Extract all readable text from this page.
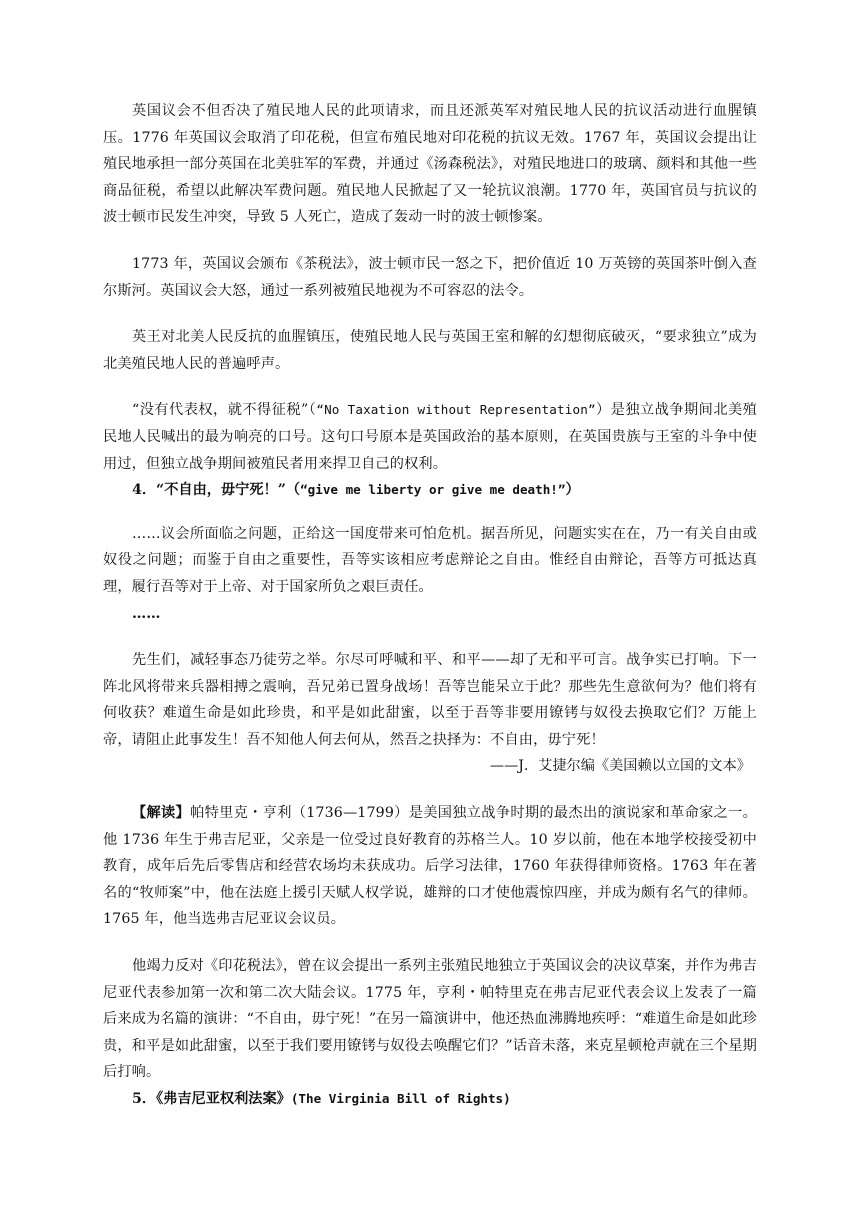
英国议会不但否决了殖民地人民的此项请求，而且还派英军对殖民地人民的抗议活动进行血腥镇压。1776 年英国议会取消了印花税，但宣布殖民地对印花税的抗议无效。1767 年，英国议会提出让殖民地承担一部分英国在北美驻军的军费，并通过《汤森税法》，对殖民地进口的玻璃、颜料和其他一些商品征税，希望以此解决军费问题。殖民地人民掀起了又一轮抗议浪潮。1770 年，英国官员与抗议的波士顿市民发生冲突，导致 5 人死亡，造成了轰动一时的波士顿惨案。

1773 年，英国议会颁布《茶税法》，波士顿市民一怒之下，把价值近 10 万英镑的英国茶叶倒入查尔斯河。英国议会大怒，通过一系列被殖民地视为不可容忍的法令。

英王对北美人民反抗的血腥镇压，使殖民地人民与英国王室和解的幻想彻底破灭，“要求独立”成为北美殖民地人民的普遍呼声。

“没有代表权，就不得征税”（“No Taxation without Representation”）是独立战争期间北美殖民地人民喊出的最为响亮的口号。这句口号原本是英国政治的基本原则，在英国贵族与王室的斗争中使用过，但独立战争期间被殖民者用来捍卫自己的权利。

4．“不自由，毋宁死！”（“give me liberty or give me death!”）

……议会所面临之问题，正给这一国度带来可怕危机。据吾所见，问题实实在在，乃一有关自由或奴役之问题；而鉴于自由之重要性，吾等实该相应考虑辩论之自由。惟经自由辩论，吾等方可抵达真理，履行吾等对于上帝、对于国家所负之艰巨责任。

……

先生们，减轻事态乃徒劳之举。尔尽可呼喊和平、和平——却了无和平可言。战争实已打响。下一阵北风将带来兵器相搏之震响，吾兄弟已置身战场！吾等岂能呆立于此？那些先生意欲何为？他们将有何收获？难道生命是如此珍贵，和平是如此甜蜜，以至于吾等非要用镣铐与奴役去换取它们？万能上帝，请阻止此事发生！吾不知他人何去何从，然吾之抉择为：不自由，毋宁死！

——J．艾捷尔编《美国赖以立国的文本》

【解读】帕特里克・亨利（1736—1799）是美国独立战争时期的最杰出的演说家和革命家之一。他 1736 年生于弗吉尼亚，父亲是一位受过良好教育的苏格兰人。10 岁以前，他在本地学校接受初中教育，成年后先后零售店和经营农场均未获成功。后学习法律，1760 年获得律师资格。1763 年在著名的“牧师案”中，他在法庭上援引天赋人权学说，雄辩的口才使他震惊四座，并成为颇有名气的律师。1765 年，他当选弗吉尼亚议会议员。

他竭力反对《印花税法》，曾在议会提出一系列主张殖民地独立于英国议会的决议草案，并作为弗吉尼亚代表参加第一次和第二次大陆会议。1775 年，亨利・帕特里克在弗吉尼亚代表会议上发表了一篇后来成为名篇的演讲：“不自由，毋宁死！”在另一篇演讲中，他还热血沸腾地疾呼：“难道生命是如此珍贵，和平是如此甜蜜，以至于我们要用镣铐与奴役去唤醒它们？”话音未落，来克星顿枪声就在三个星期后打响。

5．《弗吉尼亚权利法案》(The Virginia Bill of Rights)
